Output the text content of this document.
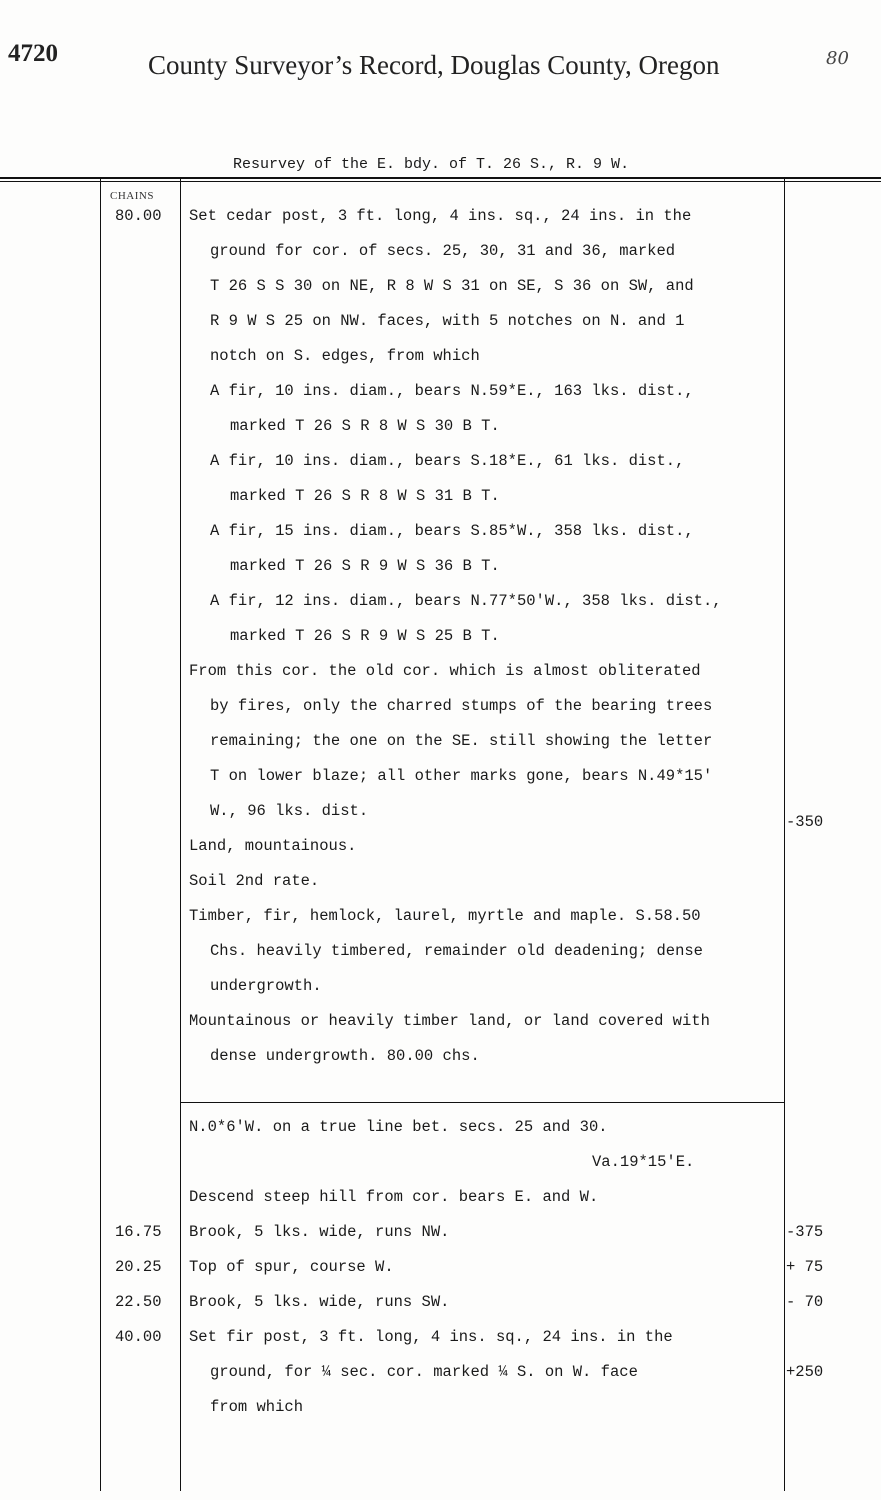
4720	County Surveyor’s Record, Douglas County, Oregon	80
Resurvey of the E. bdy. of T. 26 S., R. 9 W.
CHAINS
80.00
16.75
20.25
22.50
40.00
Set cedar post, 3 ft. long, 4 ins. sq., 24 ins. in the
ground for cor. of secs. 25, 30, 31 and 36, marked
T 26 S S 30 on NE, R 8 W S 31 on SE, S 36 on SW, and
R 9 W S 25 on NW. faces, with 5 notches on N. and 1
notch on S. edges, from which
A fir, 10 ins. diam., bears N.59*E., 163 lks. dist.,
marked T 26 S R 8 W S 30 B T.
A fir, 10 ins. diam., bears S.18*E., 61 lks. dist.,
marked T 26 S R 8 W S 31 B T.
A fir, 15 ins. diam., bears S.85*W., 358 lks. dist.,
marked T 26 S R 9 W S 36 B T.
A fir, 12 ins. diam., bears N.77*50'W., 358 lks. dist.,
marked T 26 S R 9 W S 25 B T.
From this cor. the old cor. which is almost obliterated
by fires, only the charred stumps of the bearing trees
remaining; the one on the SE. still showing the letter
T on lower blaze; all other marks gone, bears N.49*15'
W., 96 lks. dist.
Land, mountainous.
Soil 2nd rate.
Timber, fir, hemlock, laurel, myrtle and maple. S.58.50
Chs. heavily timbered, remainder old deadening; dense
undergrowth.
Mountainous or heavily timber land, or land covered with
dense undergrowth. 80.00 chs.
N.0*6'W. on a true line bet. secs. 25 and 30.
Va.19*15'E.
Descend steep hill from cor. bears E. and W.
Brook, 5 lks. wide, runs NW.
Top of spur, course W.
Brook, 5 lks. wide, runs SW.
Set fir post, 3 ft. long, 4 ins. sq., 24 ins. in the
ground, for ¼ sec. cor. marked ¼ S. on W. face
from which
-350
-375
+ 75
- 70
+250
